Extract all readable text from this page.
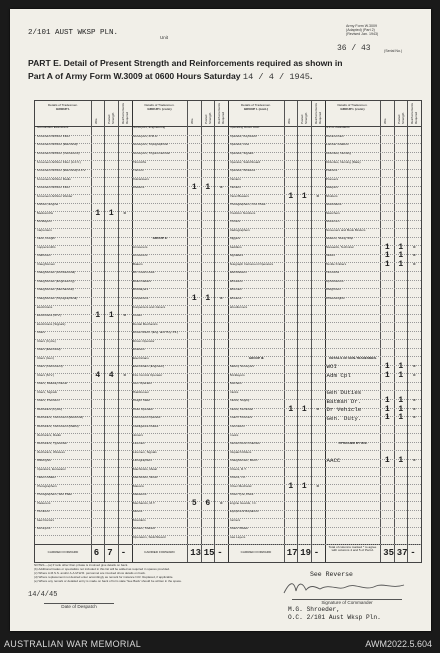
2/101 AUST WKSP PLN.
Unit
Army Form W.3009
(Adapted) (Part 2)
(Revised Jan. 1943)
36 / 43	(Serial No.)
PART E. Detail of Present Strength and Reinforcements required as shown in
Part A of Army Form W.3009 at 0600 Hours Saturday 14 / 4 / 1945.
Details of Tradesmen.
GROUP I.
W.E.	Posted Strength Reinforcements Required
Ammunition Examiners
Armament Artificer Fitter
Armament Artificer (Electrical)
Armament Artificer (Instrument)
Armament Artificer Fitter (A.F.V.)
Armament Artificer (Electrical) A.F.V.
Armament Artificer Radio
Armament Artificer Fitter
Armament Artificer Welder
Artificer, Engine
Blacksmiths	1 1 -
Bricklayers
Carpenters
Clerk, Freight
Coppersmiths
Draftsmen
Draughtsmen
Draughtsmen (Architectural)
Draughtsmen (Engineering)
Draughtsmen (Mechanical)
Draughtsmen (Topographical)
Electricians
Electricians (M.V.)	1 1 -
Electricians (Signals)
Fitters
Fitters (Cycle)
Fitters (Electrical)
Fitters (Gun)
Fitters (Instrument)
Fitters (M.V.)	4 4 -
Fitters, Railway Diesel
Fitters, Signals
Fitters, Precision
Mechanics (Cycle)
Mechanics, Instrument (Electrical)
Mechanics, Instrument (Radio)
Mechanics, Radio
Mechanics, Typewriter
Mechanics, Wireless
Millwrights
Operators, Excavator
Pattern Maker
Photographers
Photographers, Wet Plate
Plasterers
Plumbers
Saw Doctors
Surveyors
CARRIED FORWARD	6 7 -
Details of Tradesmen.
GROUP I. (cont.)
W.E.	Posted Strength Reinforcements Required
Surveyors, Engineering
Surveyors, R.R.A.
Surveyors, Topographical
Surveyors, Trigonometrical
Tinsmiths
Turners
Vulcanisers
Welders	1 1 -
GROUP II.
Armourers
Armourers
Bakers
Blr. Cook's Asst.
Boilermakers
Bricklayers
Carpenters	1 1 -
Carpenters and Joiners
Cooks
Dental Mechanics
Driver-Mech. (Eng. and Hvy. Plt.)
Driver-Operator
Drainers
Electricians
Electricians (Engineer)
Fire Control Operator
Gun Operator
Hairdresser
Height Taker
Helio Operator
Instrument Operator
Intelligence Duties
Joiners
Linemen
Linemen, Signals
Lithographers
Machinists, Metal
Machinists, Wood
Masons
Masseurs
Mechanics, M.T.	5 6 -
Miners
Moulders
Nurses, Trained
Operators, Switchboard
CARRIED FORWARD	13 15 -
Details of Tradesmen.
GROUP I. (cont.)
W.E.	Posted Strength Reinforcements Required
Operating Room Asst.
Operator, Keyboard
Operator, Line
Operator, Signals
Operator, Switchboard
Operator, Wireless
Painters
Painters
Panel Beaters	1 1 -
Photographers, Ord. Plate
Predictor Numbers
Printers
Radiographers
Riggers
Saddlers
Signallers
Telegraph Instrument Operators
Wall Raisers
Wheelers
Wiremen
Wireless
Woodturners
GROUP III.
Battery Surveyors
Bricklayers
Butchers
Clerks
Clerks, Supply
Clerks, Technical	1 1 -
Coach Trimmers
Concreters
Cooks
Dental Clerk Orderlies
Dispatch Riders
Draughtsmen, Mech.
Drivers, R.T.
Drivers, I.C.
Driver Mechanic	1 1 -
Driver Tyre, Plant
Engine Guards, I.C.
Equipment Repairers
Farriers
Fitters' Mates
Gas Layers
CARRIED FORWARD	17 19 -
Details of Tradesmen.
GROUP I. (cont.)
W.E.	Posted Strength Reinforcements Required
S.P.G. Assistants
Hammermen
Lumber Graders
Orderlies, Nursing
Orderlies, Nursing (Male)
Painters
Pioneers
Sawyers
Shutters
Stockriders
Sketchers
Storemen
Screeners and Book Binders
Stokers, Slung Ship
Stewards, Technical	1 1 -
Tailors	1 1 -
Textile Knitters	1 1 -
Tinsmiths
Upholsterers
Weighmen
Wheelwrights
DETAILS OF NON-TRADESMEN.
WOI	1 1 -
Adm Cpl	1 1 -
Gen Duties
Batman Dr.	1 1 -
Dr Vehicle	1 1 -
Gen. Duty.	1 1 -
ATTACHED BY W.E.
AACC	1 1 -
Total of columns marked * to agree with columns 4 and 5 of Part A	35 37 -
NOTES.—(a) If rank other than private is involved give details on back.
(b) Additional trades or specialists not included in this list will be added as required in spaces provided.
(c) Where A.M.S.S. and/or A.A.M.W.R. personnel are involved show details on back.
(d) Where replacement not desired enter accordingly as remark for instance N.R. Replaced, if applicable.
(e) Where any remark or detailed entry is made on back of form state 'See Back' should be written in the space.
14/4/45
Date of Despatch
See Reverse
Signature of Commander
M.G. Shroeder,
O.C. 2/101 Aust Wksp Pln.
AUSTRALIAN WAR MEMORIAL	AWM2022.5.604
